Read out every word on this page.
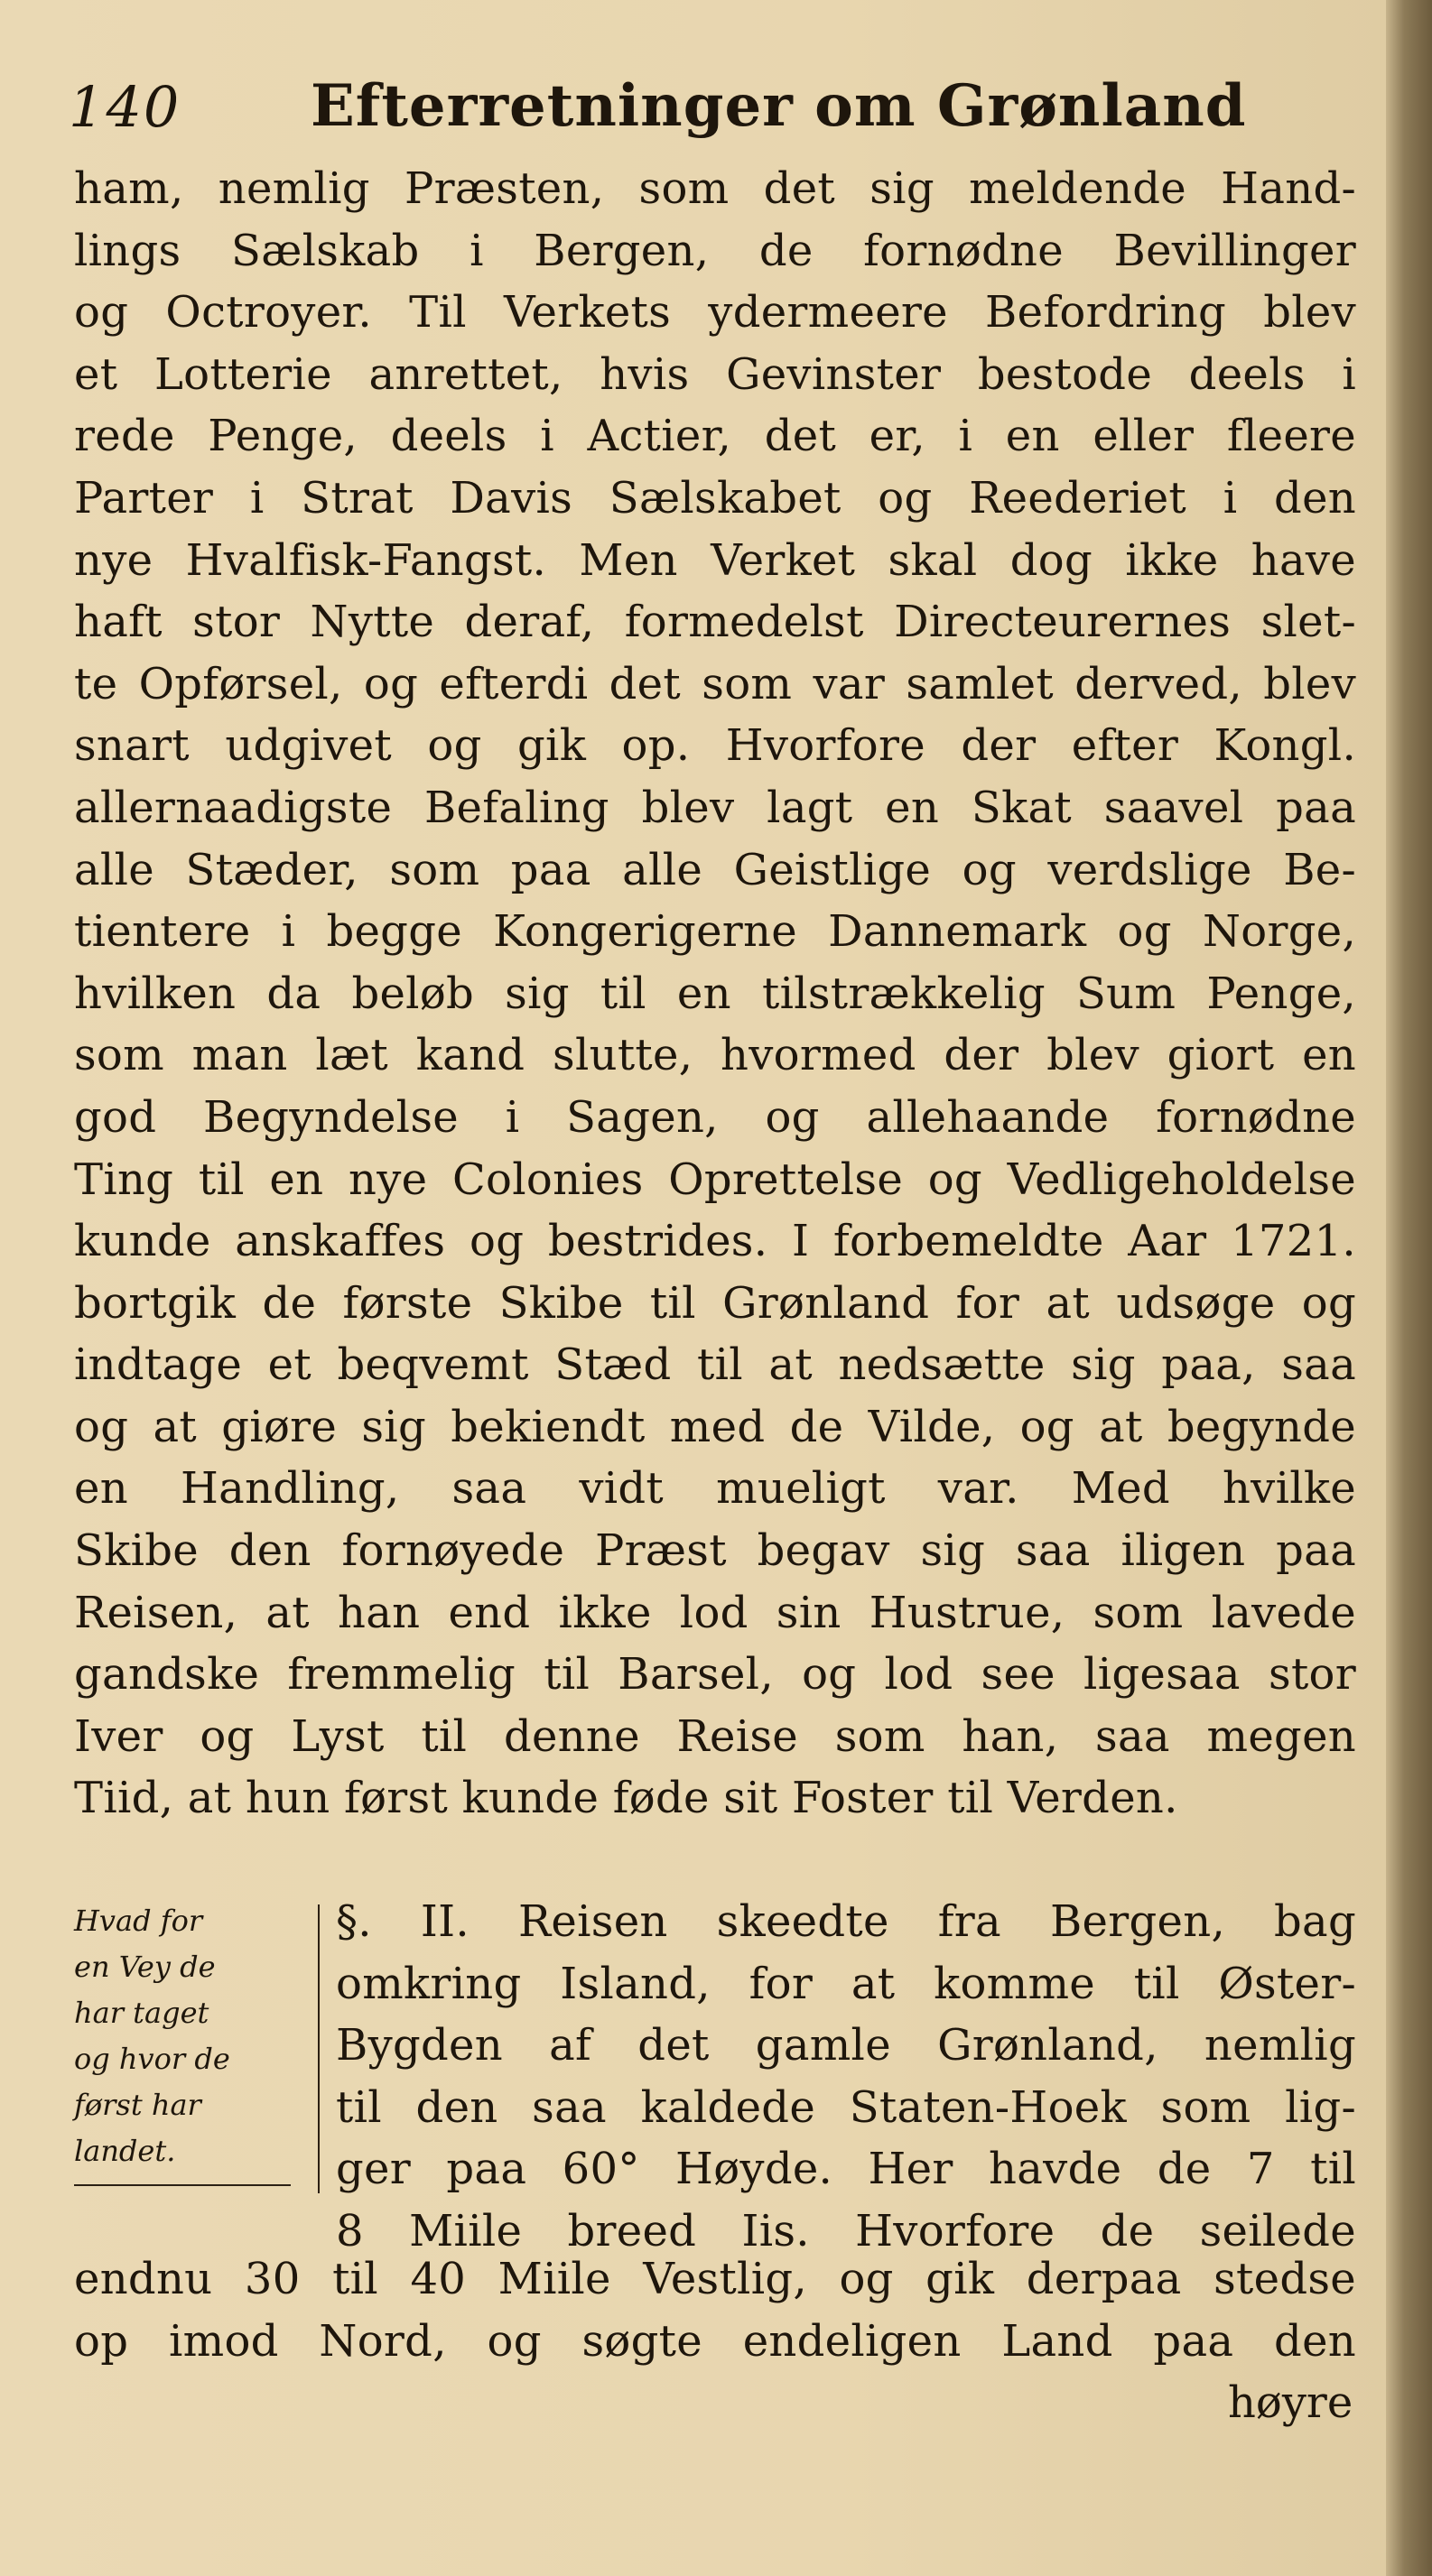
140 Efterretninger om Grønland
ham, nemlig Præsten, som det sig meldende Hand-
lings Sælskab i Bergen, de fornødne Bevillinger
og Octroyer. Til Verkets ydermeere Befordring blev
et Lotterie anrettet, hvis Gevinster bestode deels i
rede Penge, deels i Actier, det er, i en eller fleere
Parter i Strat Davis Sælskabet og Reederiet i den
nye Hvalfisk-Fangst. Men Verket skal dog ikke have
haft stor Nytte deraf, formedelst Directeurernes slet-
te Opførsel, og efterdi det som var samlet derved, blev
snart udgivet og gik op. Hvorfore der efter Kongl.
allernaadigste Befaling blev lagt en Skat saavel paa
alle Stæder, som paa alle Geistlige og verdslige Be-
tientere i begge Kongerigerne Dannemark og Norge,
hvilken da beløb sig til en tilstrækkelig Sum Penge,
som man læt kand slutte, hvormed der blev giort en
god Begyndelse i Sagen, og allehaande fornødne
Ting til en nye Colonies Oprettelse og Vedligeholdelse
kunde anskaffes og bestrides. I forbemeldte Aar 1721.
bortgik de første Skibe til Grønland for at udsøge og
indtage et beqvemt Stæd til at nedsætte sig paa, saa
og at giøre sig bekiendt med de Vilde, og at begynde
en Handling, saa vidt mueligt var. Med hvilke
Skibe den fornøyede Præst begav sig saa iligen paa
Reisen, at han end ikke lod sin Hustrue, som lavede
gandske fremmelig til Barsel, og lod see ligesaa stor
Iver og Lyst til denne Reise som han, saa megen
Tiid, at hun først kunde føde sit Foster til Verden.
Hvad for
en Vey de
har taget
og hvor de
først har
landet.
§. II. Reisen skeedte fra Bergen, bag
omkring Island, for at komme til Øster-
Bygden af det gamle Grønland, nemlig
til den saa kaldede Staten-Hoek som lig-
ger paa 60° Høyde. Her havde de 7 til
8 Miile breed Iis. Hvorfore de seilede
endnu 30 til 40 Miile Vestlig, og gik derpaa stedse
op imod Nord, og søgte endeligen Land paa den
høyre
